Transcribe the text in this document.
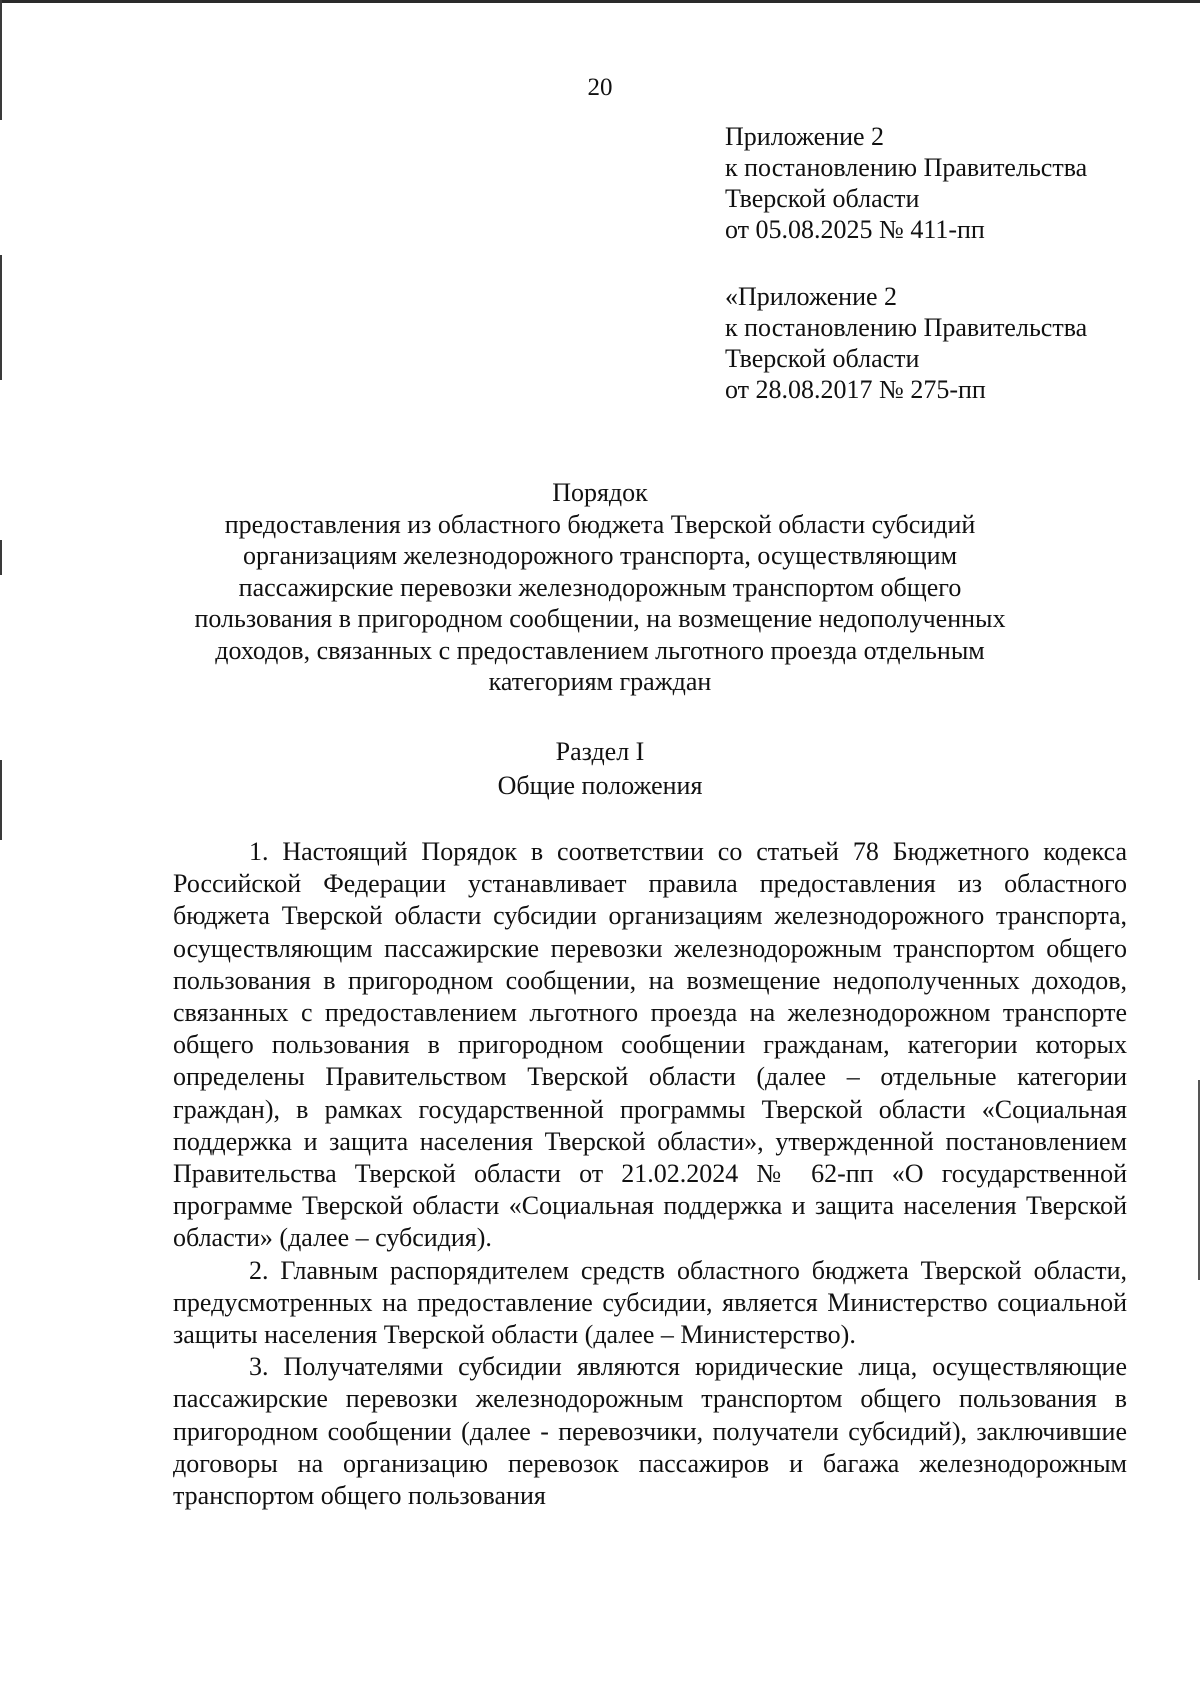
20
Приложение 2
к постановлению Правительства
Тверской области
от 05.08.2025 № 411-пп
«Приложение 2
к постановлению Правительства
Тверской области
от 28.08.2017 № 275-пп
Порядок
предоставления из областного бюджета Тверской области субсидий
организациям железнодорожного транспорта, осуществляющим
пассажирские перевозки железнодорожным транспортом общего
пользования в пригородном сообщении, на возмещение недополученных
доходов, связанных с предоставлением льготного проезда отдельным
категориям граждан
Раздел I
Общие положения

1. Настоящий Порядок в соответствии со статьей 78 Бюджетного кодекса Российской Федерации устанавливает правила предоставления из областного бюджета Тверской области субсидии организациям железнодорожного транспорта, осуществляющим пассажирские перевозки железнодорожным транспортом общего пользования в пригородном сообщении, на возмещение недополученных доходов, связанных с предоставлением льготного проезда на железнодорожном транспорте общего пользования в пригородном сообщении гражданам, категории которых определены Правительством Тверской области (далее – отдельные категории граждан), в рамках государственной программы Тверской области «Социальная поддержка и защита населения Тверской области», утвержденной постановлением Правительства Тверской области от 21.02.2024 № 62-пп «О государственной программе Тверской области «Социальная поддержка и защита населения Тверской области» (далее – субсидия).

2. Главным распорядителем средств областного бюджета Тверской области, предусмотренных на предоставление субсидии, является Министерство социальной защиты населения Тверской области (далее – Министерство).

3. Получателями субсидии являются юридические лица, осуществляющие пассажирские перевозки железнодорожным транспортом общего пользования в пригородном сообщении (далее - перевозчики, получатели субсидий), заключившие договоры на организацию перевозок пассажиров и багажа железнодорожным транспортом общего пользования
